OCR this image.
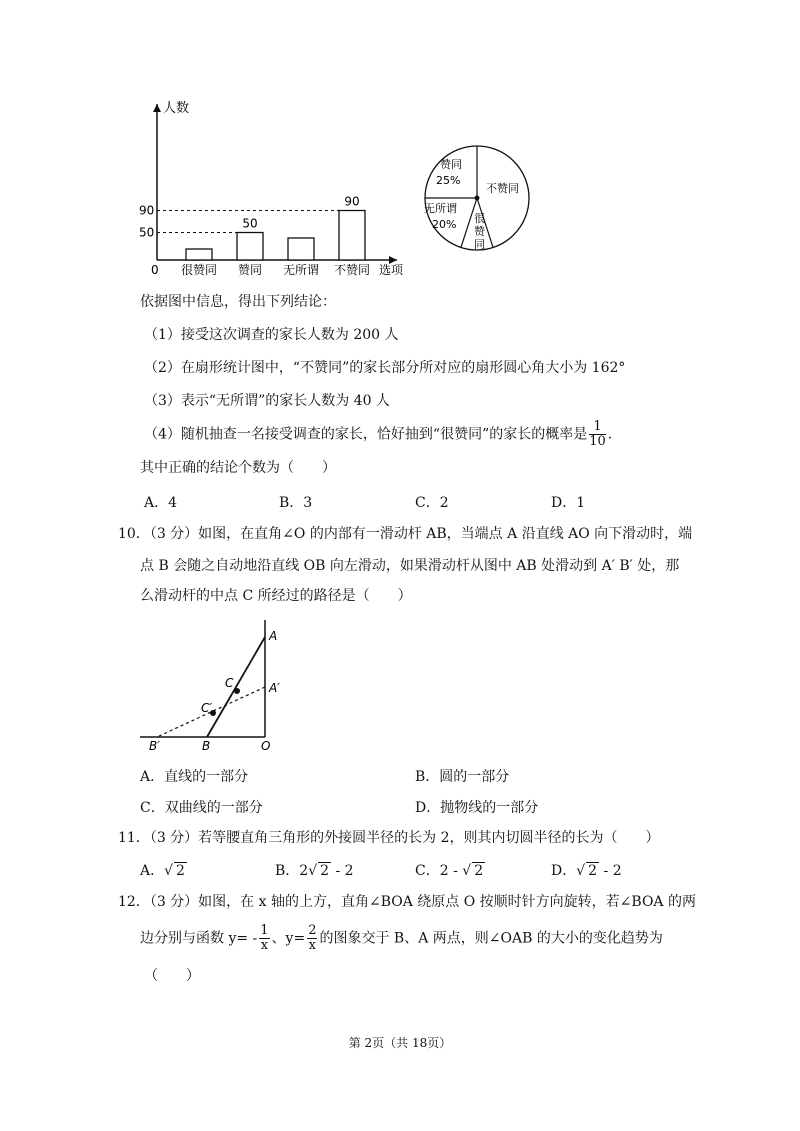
人数
选项
0
90
50
很赞同 赞同
50
无所谓 不赞同
90
赞同
25%
不赞同
很
赞
同
无所谓
20%
依据图中信息，得出下列结论：
（1）接受这次调查的家长人数为 200 人
（2）在扇形统计图中，“不赞同”的家长部分所对应的扇形圆心角大小为 162°
（3）表示“无所谓”的家长人数为 40 人
（4）随机抽查一名接受调查的家长，恰好抽到“很赞同”的家长的概率是 $\frac{1}{10}$ .
其中正确的结论个数为（　　）
A．4	B．3	C．2	D．1
10．（3 分）如图，在直角∠O 的内部有一滑动杆 AB，当端点 A 沿直线 AO 向下滑动时，端
点 B 会随之自动地沿直线 OB 向左滑动，如果滑动杆从图中 AB 处滑动到 A′ B′ 处，那
么滑动杆的中点 C 所经过的路径是（　　）
A
A′
C
C′
B′	B	O
A．直线的一部分	B．圆的一部分
C．双曲线的一部分	D．抛物线的一部分
11．（3 分）若等腰直角三角形的外接圆半径的长为 2，则其内切圆半径的长为（　　）
A．√ 2	B．2√ 2 - 2	C．2 - √ 2	D．√ 2 - 2
12．（3 分）如图，在 x 轴的上方，直角∠BOA 绕原点 O 按顺时针方向旋转，若∠BOA 的两
边分别与函数 $y= - \frac{1}{x}$ 、$y= \frac{2}{x}$ 的图象交于 B、A 两点，则∠OAB 的大小的变化趋势为
（　　）
第 2页（共 18页）
